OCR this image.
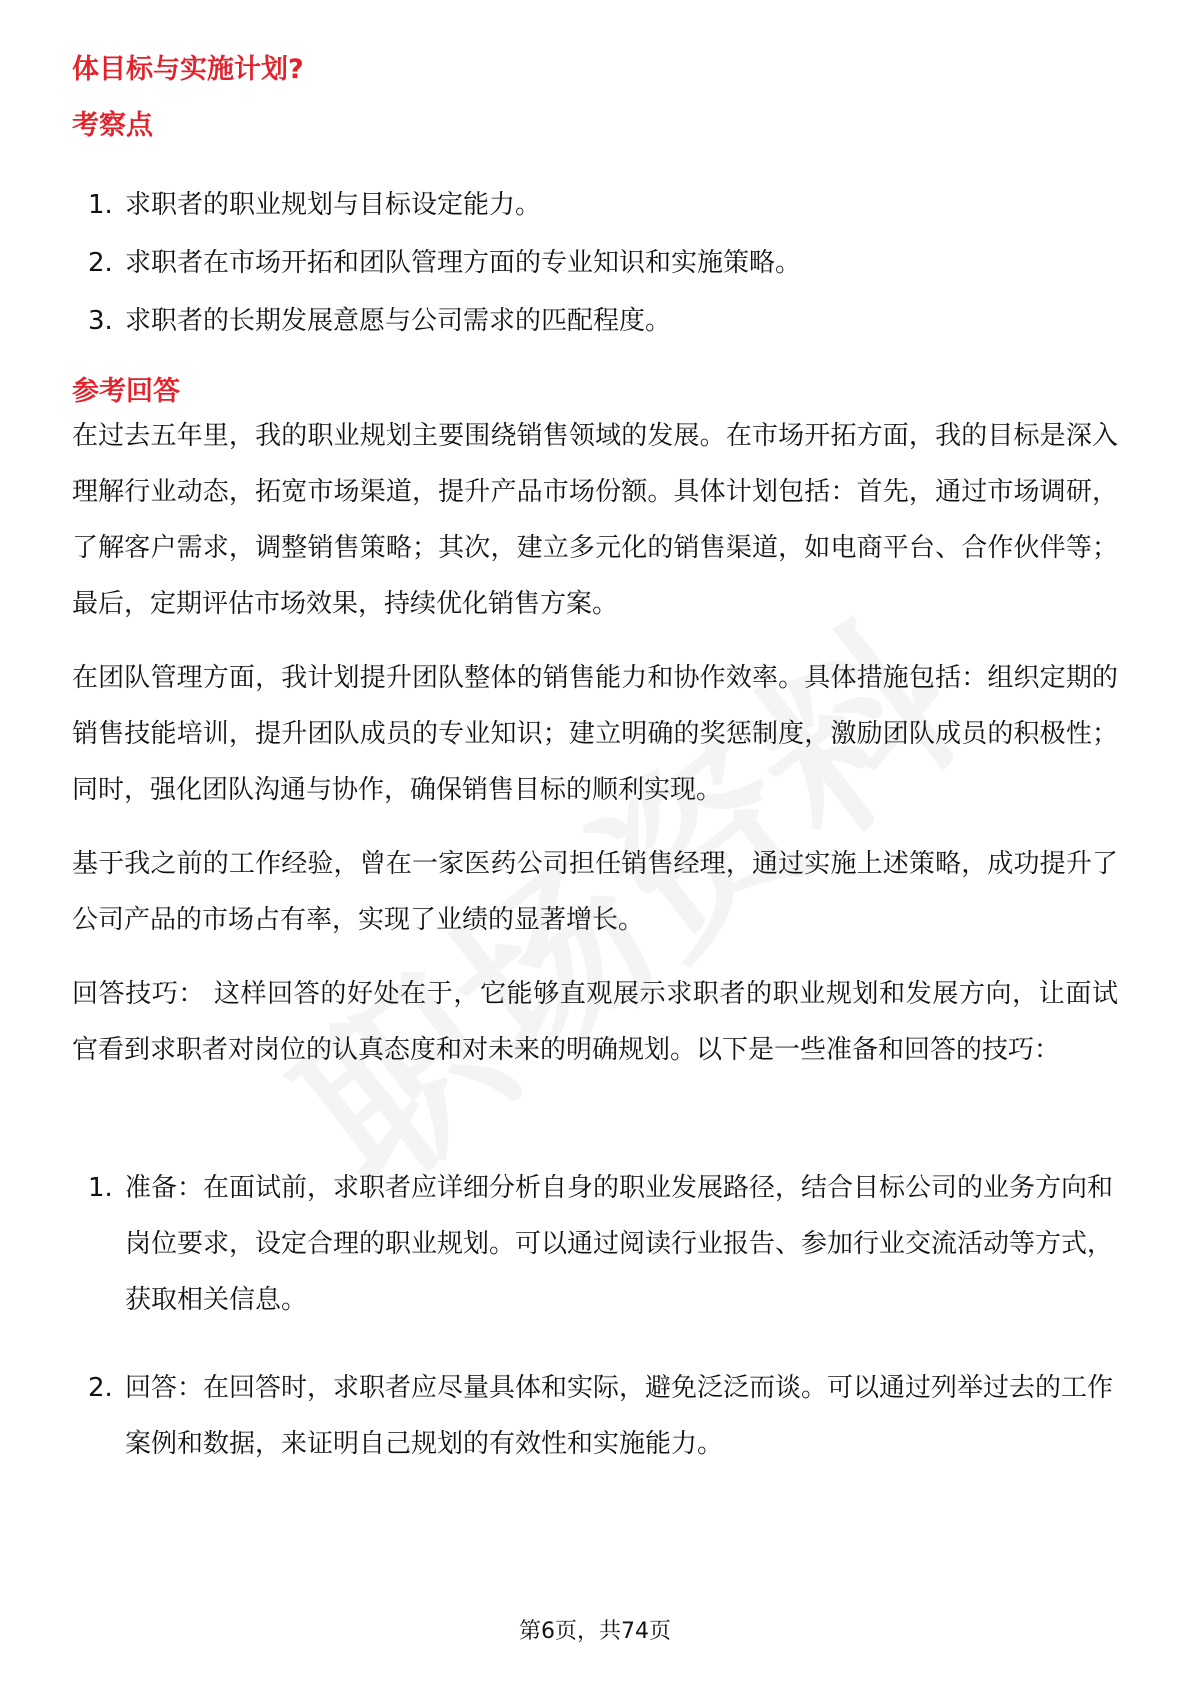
体目标与实施计划?
考察点
1. 求职者的职业规划与目标设定能力。
2. 求职者在市场开拓和团队管理方面的专业知识和实施策略。
3. 求职者的长期发展意愿与公司需求的匹配程度。
参考回答

在过去五年里，我的职业规划主要围绕销售领域的发展。在市场开拓方面，我的目标是深入理解行业动态，拓宽市场渠道，提升产品市场份额。具体计划包括：首先，通过市场调研，了解客户需求，调整销售策略；其次，建立多元化的销售渠道，如电商平台、合作伙伴等；最后，定期评估市场效果，持续优化销售方案。

在团队管理方面，我计划提升团队整体的销售能力和协作效率。具体措施包括：组织定期的销售技能培训，提升团队成员的专业知识；建立明确的奖惩制度，激励团队成员的积极性；同时，强化团队沟通与协作，确保销售目标的顺利实现。

基于我之前的工作经验，曾在一家医药公司担任销售经理，通过实施上述策略，成功提升了公司产品的市场占有率，实现了业绩的显著增长。

回答技巧： 这样回答的好处在于，它能够直观展示求职者的职业规划和发展方向，让面试官看到求职者对岗位的认真态度和对未来的明确规划。以下是一些准备和回答的技巧：

1. 准备：在面试前，求职者应详细分析自身的职业发展路径，结合目标公司的业务方向和岗位要求，设定合理的职业规划。可以通过阅读行业报告、参加行业交流活动等方式，获取相关信息。
2. 回答：在回答时，求职者应尽量具体和实际，避免泛泛而谈。可以通过列举过去的工作案例和数据，来证明自己规划的有效性和实施能力。
第6页，共74页
